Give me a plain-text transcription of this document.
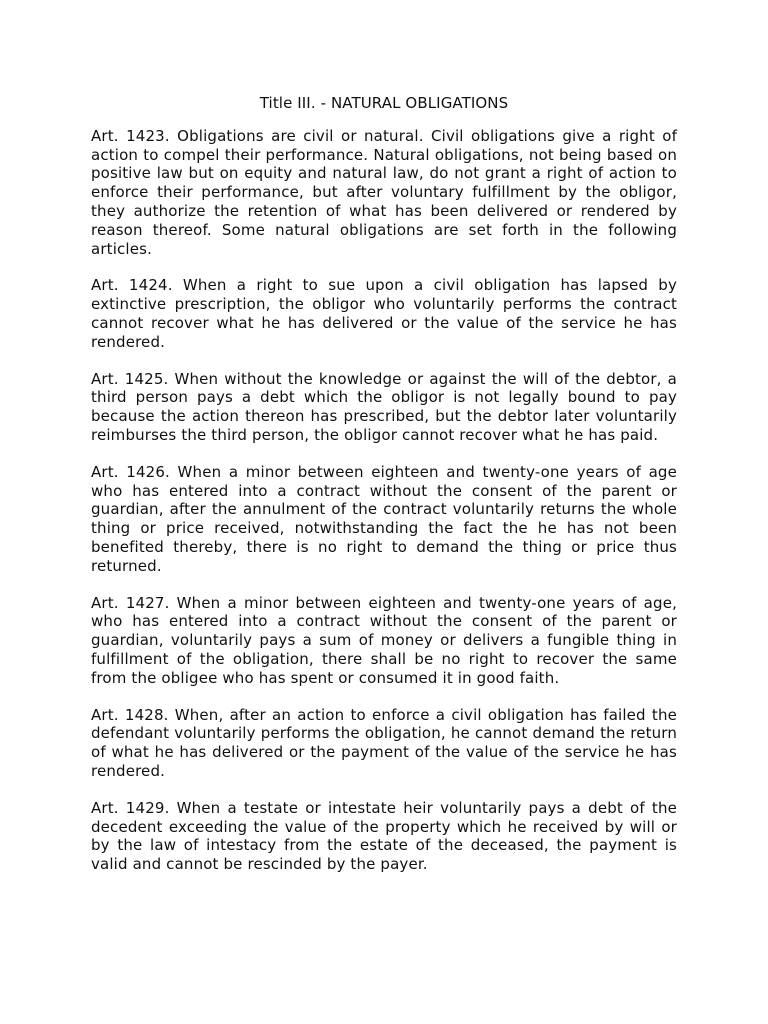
Title III. - NATURAL OBLIGATIONS

Art. 1423. Obligations are civil or natural. Civil obligations give a right of action to compel their performance. Natural obligations, not being based on positive law but on equity and natural law, do not grant a right of action to enforce their performance, but after voluntary fulfillment by the obligor, they authorize the retention of what has been delivered or rendered by reason thereof. Some natural obligations are set forth in the following articles.

Art. 1424. When a right to sue upon a civil obligation has lapsed by extinctive prescription, the obligor who voluntarily performs the contract cannot recover what he has delivered or the value of the service he has rendered.

Art. 1425. When without the knowledge or against the will of the debtor, a third person pays a debt which the obligor is not legally bound to pay because the action thereon has prescribed, but the debtor later voluntarily reimburses the third person, the obligor cannot recover what he has paid.

Art. 1426. When a minor between eighteen and twenty-one years of age who has entered into a contract without the consent of the parent or guardian, after the annulment of the contract voluntarily returns the whole thing or price received, notwithstanding the fact the he has not been benefited thereby, there is no right to demand the thing or price thus returned.

Art. 1427. When a minor between eighteen and twenty-one years of age, who has entered into a contract without the consent of the parent or guardian, voluntarily pays a sum of money or delivers a fungible thing in fulfillment of the obligation, there shall be no right to recover the same from the obligee who has spent or consumed it in good faith.

Art. 1428. When, after an action to enforce a civil obligation has failed the defendant voluntarily performs the obligation, he cannot demand the return of what he has delivered or the payment of the value of the service he has rendered.

Art. 1429. When a testate or intestate heir voluntarily pays a debt of the decedent exceeding the value of the property which he received by will or by the law of intestacy from the estate of the deceased, the payment is valid and cannot be rescinded by the payer.
